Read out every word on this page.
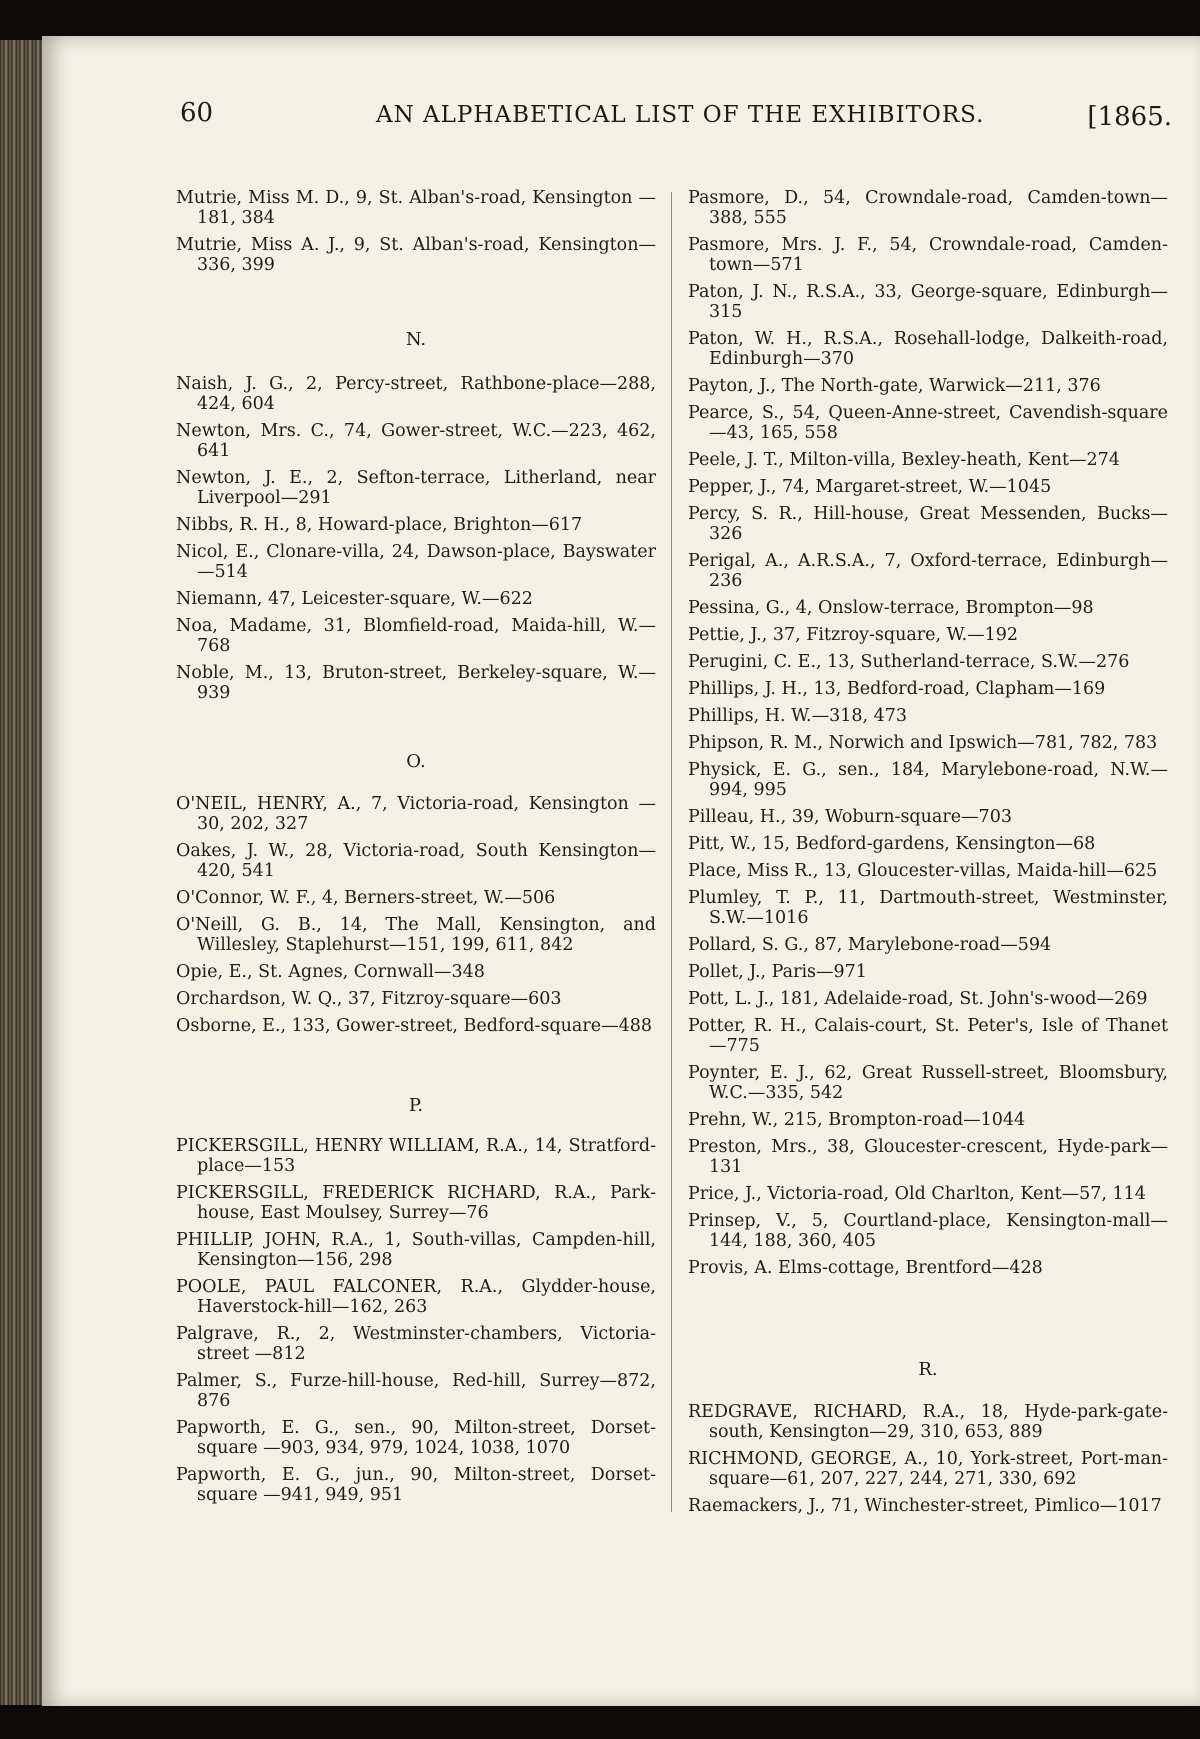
60	AN ALPHABETICAL LIST OF THE EXHIBITORS.	[1865.
Mutrie, Miss M. D., 9, St. Alban's-road, Kensington —181, 384
Mutrie, Miss A. J., 9, St. Alban's-road, Kensington— 336, 399
N.
Naish, J. G., 2, Percy-street, Rathbone-place—288, 424, 604
Newton, Mrs. C., 74, Gower-street, W.C.—223, 462, 641
Newton, J. E., 2, Sefton-terrace, Litherland, near Liverpool—291
Nibbs, R. H., 8, Howard-place, Brighton—617
Nicol, E., Clonare-villa, 24, Dawson-place, Bayswater —514
Niemann, 47, Leicester-square, W.—622
Noa, Madame, 31, Blomfield-road, Maida-hill, W.— 768
Noble, M., 13, Bruton-street, Berkeley-square, W.— 939
O.
O'NEIL, HENRY, A., 7, Victoria-road, Kensington —30, 202, 327
Oakes, J. W., 28, Victoria-road, South Kensington— 420, 541
O'Connor, W. F., 4, Berners-street, W.—506
O'Neill, G. B., 14, The Mall, Kensington, and Willesley, Staplehurst—151, 199, 611, 842
Opie, E., St. Agnes, Cornwall—348
Orchardson, W. Q., 37, Fitzroy-square—603
Osborne, E., 133, Gower-street, Bedford-square—488
P.
PICKERSGILL, HENRY WILLIAM, R.A., 14, Stratford-place—153
PICKERSGILL, FREDERICK RICHARD, R.A., Park-house, East Moulsey, Surrey—76
PHILLIP, JOHN, R.A., 1, South-villas, Campden-hill, Kensington—156, 298
POOLE, PAUL FALCONER, R.A., Glydder-house, Haverstock-hill—162, 263
Palgrave, R., 2, Westminster-chambers, Victoria-street —812
Palmer, S., Furze-hill-house, Red-hill, Surrey—872, 876
Papworth, E. G., sen., 90, Milton-street, Dorset-square —903, 934, 979, 1024, 1038, 1070
Papworth, E. G., jun., 90, Milton-street, Dorset-square —941, 949, 951
Pasmore, D., 54, Crowndale-road, Camden-town—388, 555
Pasmore, Mrs. J. F., 54, Crowndale-road, Camden-town—571
Paton, J. N., R.S.A., 33, George-square, Edinburgh— 315
Paton, W. H., R.S.A., Rosehall-lodge, Dalkeith-road, Edinburgh—370
Payton, J., The North-gate, Warwick—211, 376
Pearce, S., 54, Queen-Anne-street, Cavendish-square —43, 165, 558
Peele, J. T., Milton-villa, Bexley-heath, Kent—274
Pepper, J., 74, Margaret-street, W.—1045
Percy, S. R., Hill-house, Great Messenden, Bucks— 326
Perigal, A., A.R.S.A., 7, Oxford-terrace, Edinburgh— 236
Pessina, G., 4, Onslow-terrace, Brompton—98
Pettie, J., 37, Fitzroy-square, W.—192
Perugini, C. E., 13, Sutherland-terrace, S.W.—276
Phillips, J. H., 13, Bedford-road, Clapham—169
Phillips, H. W.—318, 473
Phipson, R. M., Norwich and Ipswich—781, 782, 783
Physick, E. G., sen., 184, Marylebone-road, N.W.— 994, 995
Pilleau, H., 39, Woburn-square—703
Pitt, W., 15, Bedford-gardens, Kensington—68
Place, Miss R., 13, Gloucester-villas, Maida-hill—625
Plumley, T. P., 11, Dartmouth-street, Westminster, S.W.—1016
Pollard, S. G., 87, Marylebone-road—594
Pollet, J., Paris—971
Pott, L. J., 181, Adelaide-road, St. John's-wood—269
Potter, R. H., Calais-court, St. Peter's, Isle of Thanet —775
Poynter, E. J., 62, Great Russell-street, Bloomsbury, W.C.—335, 542
Prehn, W., 215, Brompton-road—1044
Preston, Mrs., 38, Gloucester-crescent, Hyde-park— 131
Price, J., Victoria-road, Old Charlton, Kent—57, 114
Prinsep, V., 5, Courtland-place, Kensington-mall— 144, 188, 360, 405
Provis, A. Elms-cottage, Brentford—428
R.
REDGRAVE, RICHARD, R.A., 18, Hyde-park-gate-south, Kensington—29, 310, 653, 889
RICHMOND, GEORGE, A., 10, York-street, Port-man-square—61, 207, 227, 244, 271, 330, 692
Raemackers, J., 71, Winchester-street, Pimlico—1017
